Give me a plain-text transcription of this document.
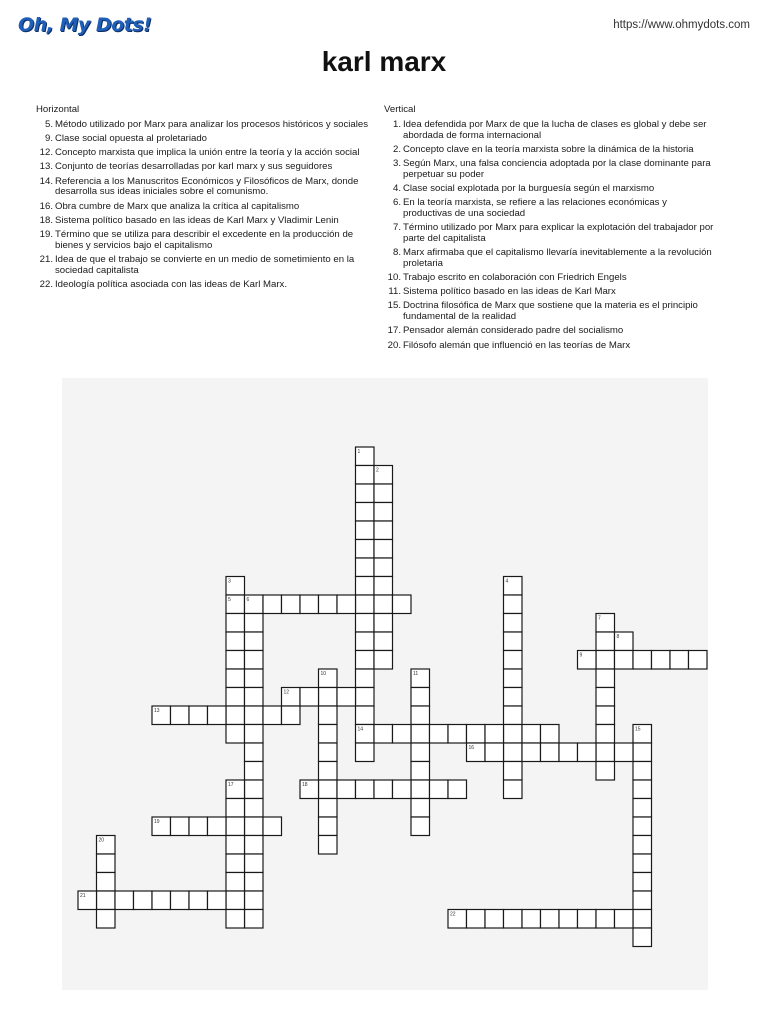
Oh, My Dots!	https://www.ohmydots.com
karl marx
Horizontal
5. Método utilizado por Marx para analizar los procesos históricos y sociales
9. Clase social opuesta al proletariado
12. Concepto marxista que implica la unión entre la teoría y la acción social
13. Conjunto de teorías desarrolladas por karl marx y sus seguidores
14. Referencia a los Manuscritos Económicos y Filosóficos de Marx, donde desarrolla sus ideas iniciales sobre el comunismo.
16. Obra cumbre de Marx que analiza la crítica al capitalismo
18. Sistema político basado en las ideas de Karl Marx y Vladimir Lenin
19. Término que se utiliza para describir el excedente en la producción de bienes y servicios bajo el capitalismo
21. Idea de que el trabajo se convierte en un medio de sometimiento en la sociedad capitalista
22. Ideología política asociada con las ideas de Karl Marx.
Vertical
1. Idea defendida por Marx de que la lucha de clases es global y debe ser abordada de forma internacional
2. Concepto clave en la teoría marxista sobre la dinámica de la historia
3. Según Marx, una falsa conciencia adoptada por la clase dominante para perpetuar su poder
4. Clase social explotada por la burguesía según el marxismo
6. En la teoría marxista, se refiere a las relaciones económicas y productivas de una sociedad
7. Término utilizado por Marx para explicar la explotación del trabajador por parte del capitalista
8. Marx afirmaba que el capitalismo llevaría inevitablemente a la revolución proletaria
10. Trabajo escrito en colaboración con Friedrich Engels
11. Sistema político basado en las ideas de Karl Marx
15. Doctrina filosófica de Marx que sostiene que la materia es el principio fundamental de la realidad
17. Pensador alemán considerado padre del socialismo
20. Filósofo alemán que influenció en las teorías de Marx
1
14
2
3
5
4
6
7
8
9
10	11
12
13
15
16
17	18
19
20
21
22
